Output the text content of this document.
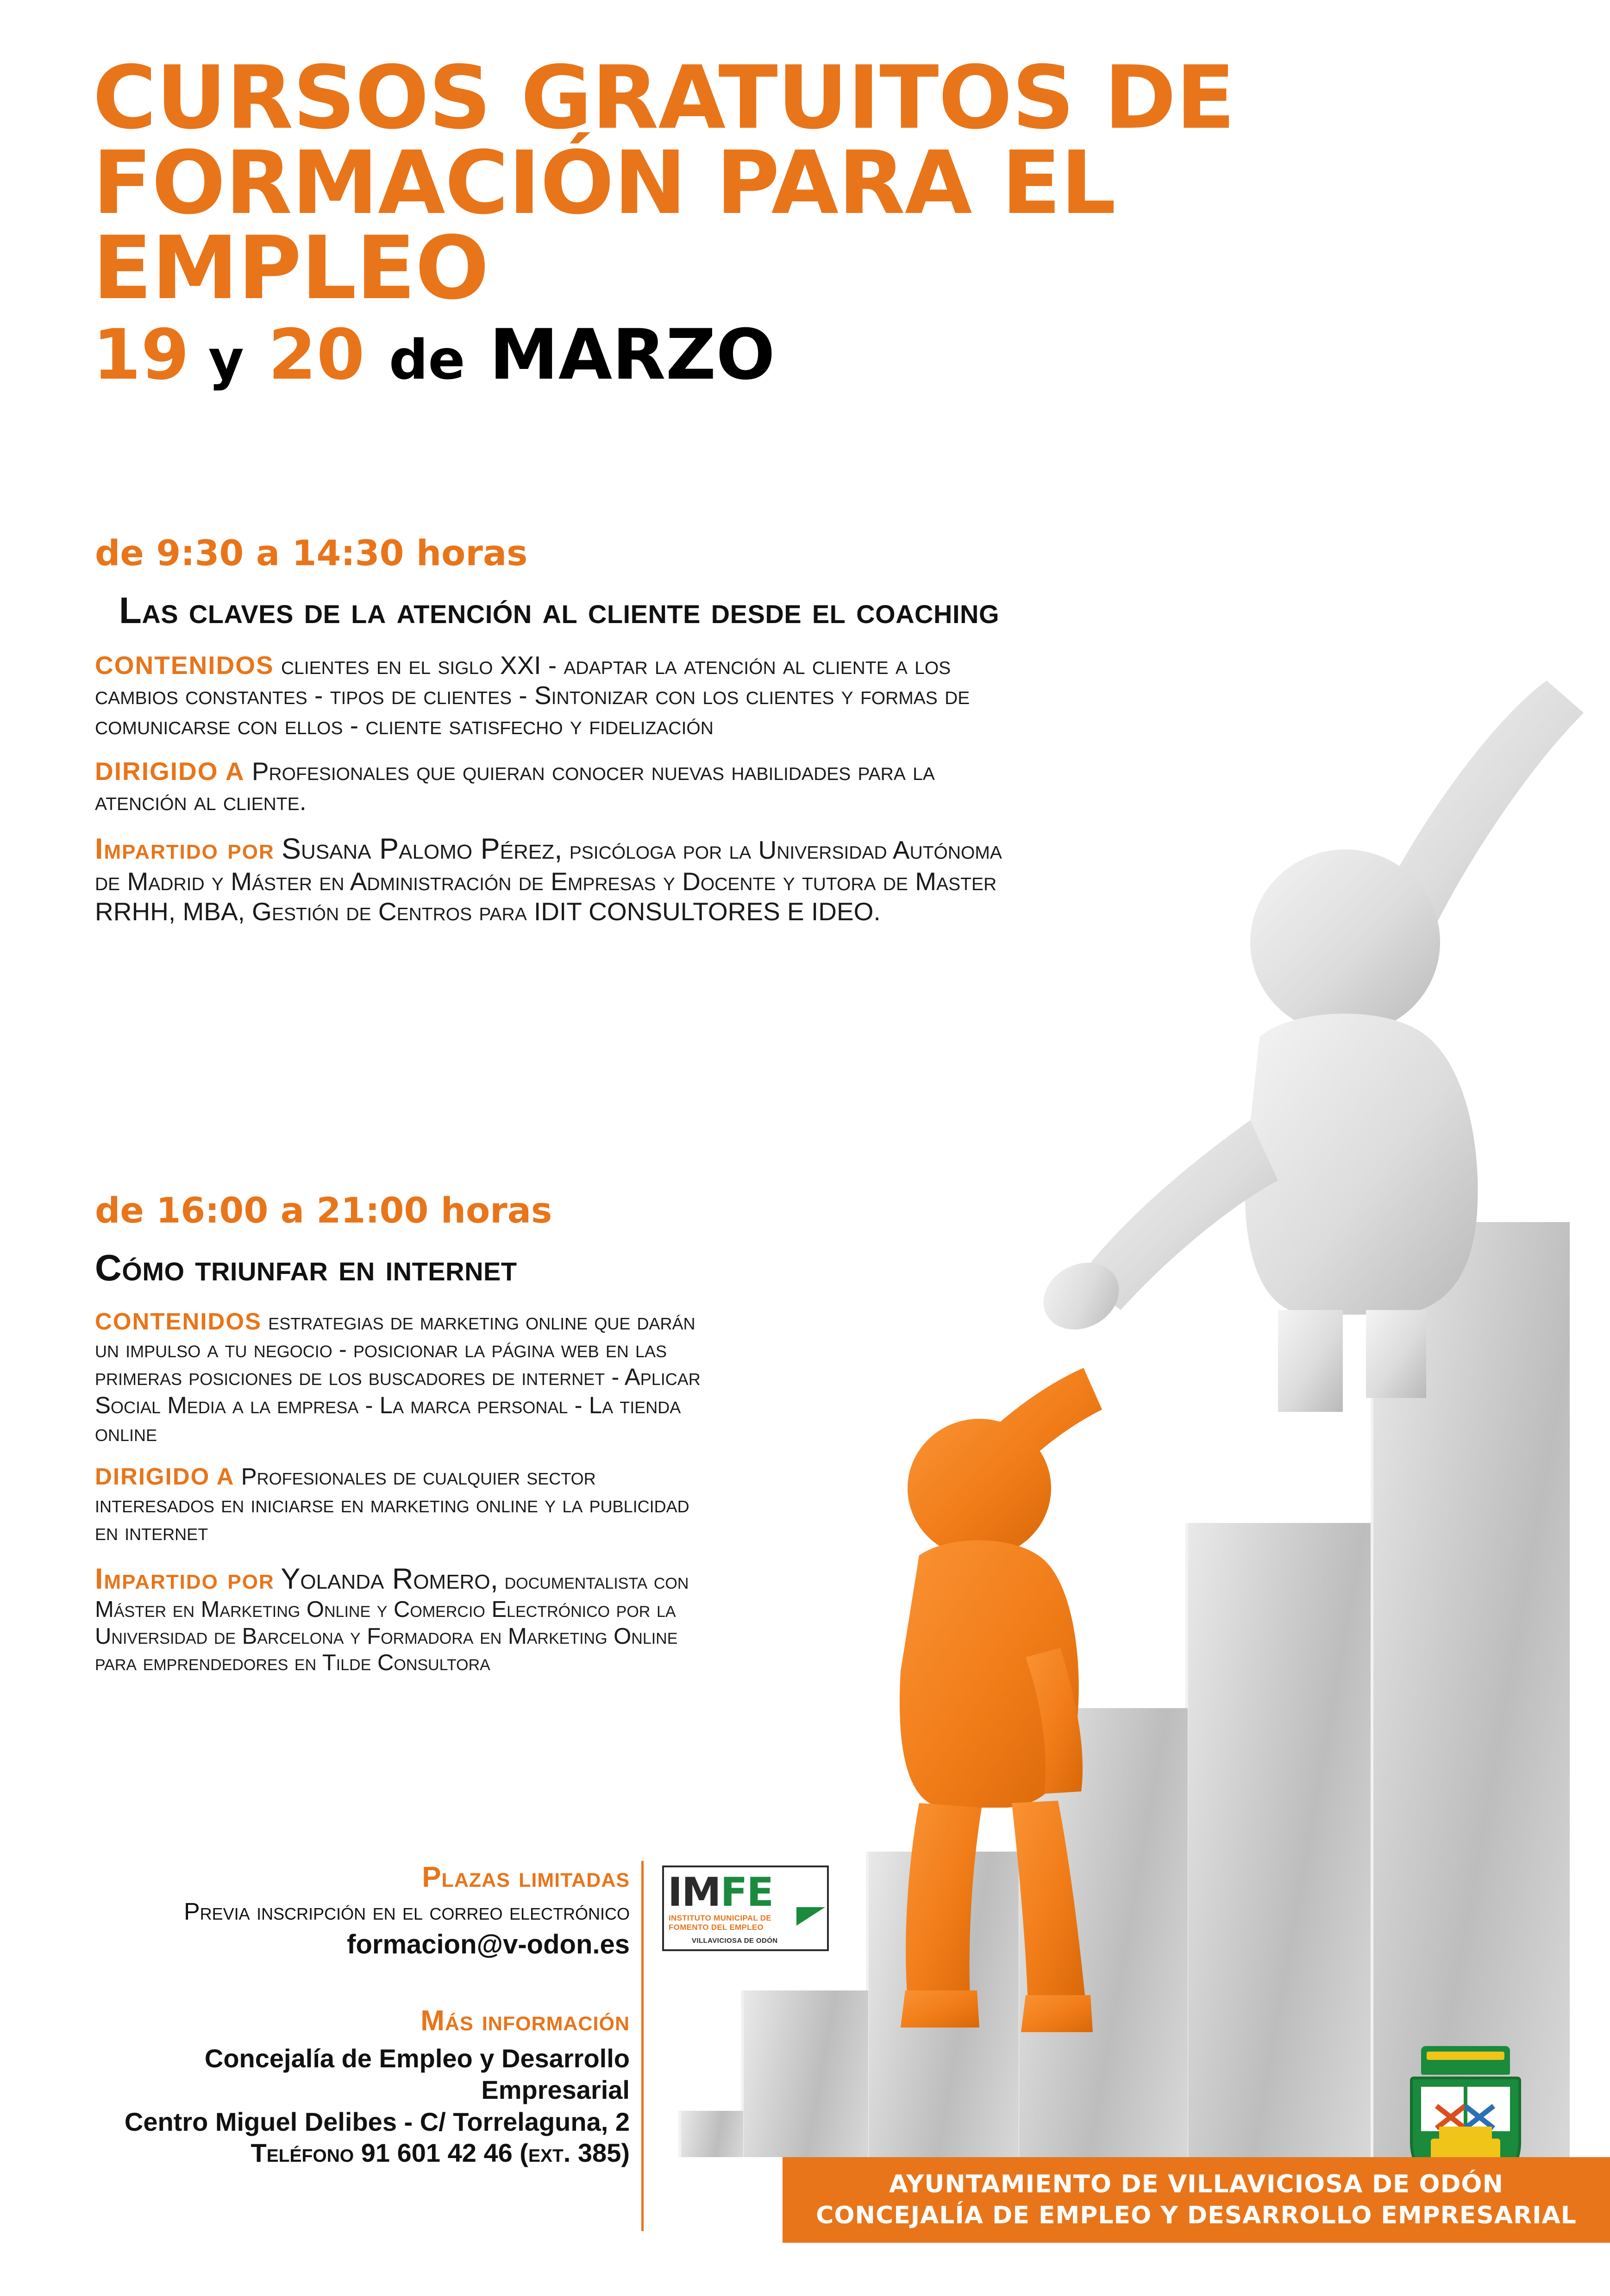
CURSOS GRATUITOS DE
FORMACIÓN PARA EL EMPLEO
19 y 20 de MARZO
de 9:30 a 14:30 horas
Las claves de la atención al cliente desde el coaching
CONTENIDOS clientes en el siglo XXI - adaptar la atención al cliente a los cambios constantes - tipos de clientes - Sintonizar con los clientes y formas de comunicarse con ellos - cliente satisfecho y fidelización
DIRIGIDO A Profesionales que quieran conocer nuevas habilidades para la atención al cliente.
Impartido por Susana Palomo Pérez, psicóloga por la Universidad Autónoma de Madrid y Máster en Administración de Empresas y Docente y tutora de Master RRHH, MBA, Gestión de Centros para IDIT CONSULTORES E IDEO.
de 16:00 a 21:00 horas
Cómo triunfar en internet
CONTENIDOS estrategias de marketing online que darán un impulso a tu negocio - posicionar la página web en las primeras posiciones de los buscadores de internet - Aplicar Social Media a la empresa - La marca personal - La tienda online
DIRIGIDO A Profesionales de cualquier sector interesados en iniciarse en marketing online y la publicidad en internet
Impartido por Yolanda Romero, documentalista con Máster en Marketing Online y Comercio Electrónico por la Universidad de Barcelona y Formadora en Marketing Online para emprendedores en Tilde Consultora
Plazas limitadas
Previa inscripción en el correo electrónico
formacion@v-odon.es
Más información
Concejalía de Empleo y Desarrollo
Empresarial
Centro Miguel Delibes - C/ Torrelaguna, 2
Teléfono 91 601 42 46 (ext. 385)
IMFE
INSTITUTO MUNICIPAL DE
FOMENTO DEL EMPLEO
VILLAVICIOSA DE ODÓN
AYUNTAMIENTO DE VILLAVICIOSA DE ODÓN
CONCEJALÍA DE EMPLEO Y DESARROLLO EMPRESARIAL
